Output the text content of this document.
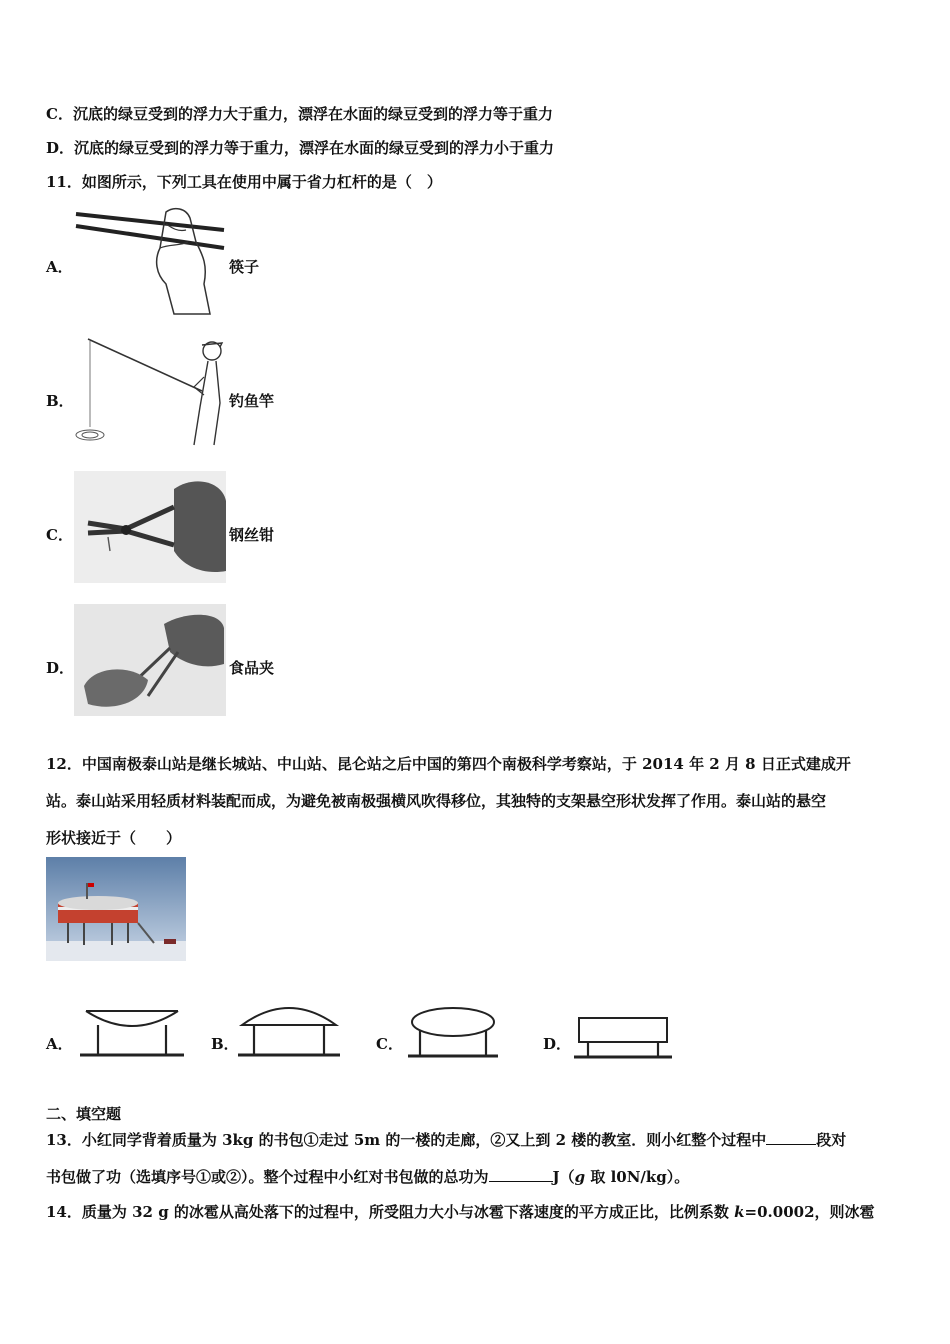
C．沉底的绿豆受到的浮力大于重力，漂浮在水面的绿豆受到的浮力等于重力
D．沉底的绿豆受到的浮力等于重力，漂浮在水面的绿豆受到的浮力小于重力
11．如图所示，下列工具在使用中属于省力杠杆的是（　）
A．	筷子
B．	钓鱼竿
C．	钢丝钳
D．	食品夹
12．中国南极泰山站是继长城站、中山站、昆仑站之后中国的第四个南极科学考察站，于 2014 年 2 月 8 日正式建成开
站。泰山站采用轻质材料装配而成，为避免被南极强横风吹得移位，其独特的支架悬空形状发挥了作用。泰山站的悬空
形状接近于（　　）
A．	B．	C．	D．
二、填空题
13．小红同学背着质量为 3kg 的书包①走过 5m 的一楼的走廊，②又上到 2 楼的教室．则小红整个过程中	段对
书包做了功（选填序号①或②）。整个过程中小红对书包做的总功为	J（g 取 l0N/kg）。
14．质量为 32 g 的冰雹从高处落下的过程中，所受阻力大小与冰雹下落速度的平方成正比，比例系数 k=0.0002，则冰雹
